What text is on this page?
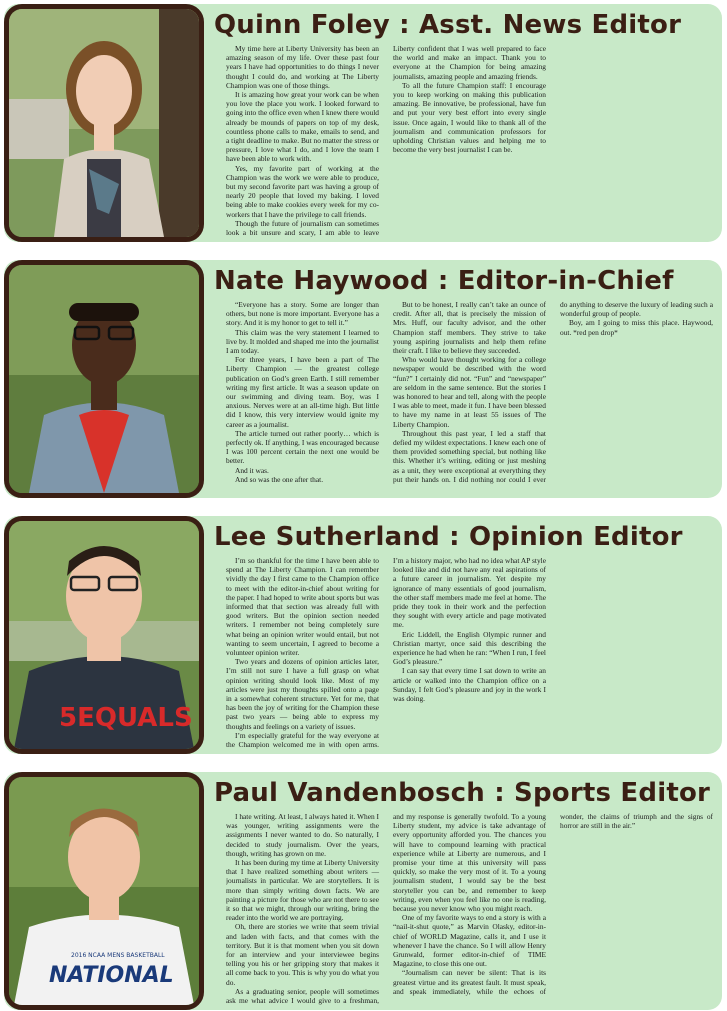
Quinn Foley : Asst. News Editor

My time here at Liberty University has been an amazing season of my life. Over these past four years I have had opportunities to do things I never thought I could do, and working at The Liberty Champion was one of those things.

It is amazing how great your work can be when you love the place you work. I looked forward to going into the office even when I knew there would already be mounds of papers on top of my desk, countless phone calls to make, emails to send, and a tight deadline to make. But no matter the stress or pressure, I love what I do, and I love the team I have been able to work with.

Yes, my favorite part of working at the Champion was the work we were able to produce, but my second favorite part was having a group of nearly 20 people that loved my baking. I loved being able to make cookies every week for my co-workers that I have the privilege to call friends.

Though the future of journalism can sometimes look a bit unsure and scary, I am able to leave Liberty confident that I was well prepared to face the world and make an impact. Thank you to everyone at the Champion for being amazing journalists, amazing people and amazing friends.

To all the future Champion staff: I encourage you to keep working on making this publication amazing. Be innovative, be professional, have fun and put your very best effort into every single issue. Once again, I would like to thank all of the journalism and communication professors for upholding Christian values and helping me to become the very best journalist I can be.

Nate Haywood : Editor-in-Chief

“Everyone has a story. Some are longer than others, but none is more important. Everyone has a story. And it is my honor to get to tell it.”

This claim was the very statement I learned to live by. It molded and shaped me into the journalist I am today.

For three years, I have been a part of The Liberty Champion — the greatest college publication on God’s green Earth. I still remember writing my first article. It was a season update on our swimming and diving team. Boy, was I anxious. Nerves were at an all-time high. But little did I know, this very interview would ignite my career as a journalist.

The article turned out rather poorly… which is perfectly ok. If anything, I was encouraged because I was 100 percent certain the next one would be better.

And it was.

And so was the one after that.

But to be honest, I really can’t take an ounce of credit. After all, that is precisely the mission of Mrs. Huff, our faculty advisor, and the other Champion staff members. They strive to take young aspiring journalists and help them refine their craft. I like to believe they succeeded.

Who would have thought working for a college newspaper would be described with the word “fun?” I certainly did not. “Fun” and “newspaper” are seldom in the same sentence. But the stories I was honored to hear and tell, along with the people I was able to meet, made it fun. I have been blessed to have my name in at least 55 issues of The Liberty Champion.

Throughout this past year, I led a staff that defied my wildest expectations. I knew each one of them provided something special, but nothing like this. Whether it’s writing, editing or just meshing as a unit, they were exceptional at everything they put their hands on. I did nothing nor could I ever do anything to deserve the luxury of leading such a wonderful group of people.

Boy, am I going to miss this place. Haywood, out. *red pen drop*

5EQUALS
Lee Sutherland : Opinion Editor

I’m so thankful for the time I have been able to spend at The Liberty Champion. I can remember vividly the day I first came to the Champion office to meet with the editor-in-chief about writing for the paper. I had hoped to write about sports but was informed that that section was already full with good writers. But the opinion section needed writers. I remember not being completely sure what being an opinion writer would entail, but not wanting to seem uncertain, I agreed to become a volunteer opinion writer.

Two years and dozens of opinion articles later, I’m still not sure I have a full grasp on what opinion writing should look like. Most of my articles were just my thoughts spilled onto a page in a somewhat coherent structure. Yet for me, that has been the joy of writing for the Champion these past two years — being able to express my thoughts and feelings on a variety of issues.

I’m especially grateful for the way everyone at the Champion welcomed me in with open arms. I’m a history major, who had no idea what AP style looked like and did not have any real aspirations of a future career in journalism. Yet despite my ignorance of many essentials of good journalism, the other staff members made me feel at home. The pride they took in their work and the perfection they sought with every article and page motivated me.

Eric Liddell, the English Olympic runner and Christian martyr, once said this describing the experience he had when he ran: “When I run, I feel God’s pleasure.”

I can say that every time I sat down to write an article or walked into the Champion office on a Sunday, I felt God’s pleasure and joy in the work I was doing.

2016 NCAA MENS BASKETBALL
NATIONAL
Paul Vandenbosch : Sports Editor

I hate writing. At least, I always hated it. When I was younger, writing assignments were the assignments I never wanted to do. So naturally, I decided to study journalism. Over the years, though, writing has grown on me.

It has been during my time at Liberty University that I have realized something about writers — journalists in particular. We are storytellers. It is more than simply writing down facts. We are painting a picture for those who are not there to see it so that we might, through our writing, bring the reader into the world we are portraying.

Oh, there are stories we write that seem trivial and laden with facts, and that comes with the territory. But it is that moment when you sit down for an interview and your interviewee begins telling you his or her gripping story that makes it all come back to you. This is why you do what you do.

As a graduating senior, people will sometimes ask me what advice I would give to a freshman, and my response is generally twofold. To a young Liberty student, my advice is take advantage of every opportunity afforded you. The chances you will have to compound learning with practical experience while at Liberty are numerous, and I promise your time at this university will pass quickly, so make the very most of it. To a young journalism student, I would say be the best storyteller you can be, and remember to keep writing, even when you feel like no one is reading, because you never know who you might reach.

One of my favorite ways to end a story is with a “nail-it-shut quote,” as Marvin Olasky, editor-in-chief of WORLD Magazine, calls it, and I use it whenever I have the chance. So I will allow Henry Grunwald, former editor-in-chief of TIME Magazine, to close this one out.

“Journalism can never be silent: That is its greatest virtue and its greatest fault. It must speak, and speak immediately, while the echoes of wonder, the claims of triumph and the signs of horror are still in the air.”
